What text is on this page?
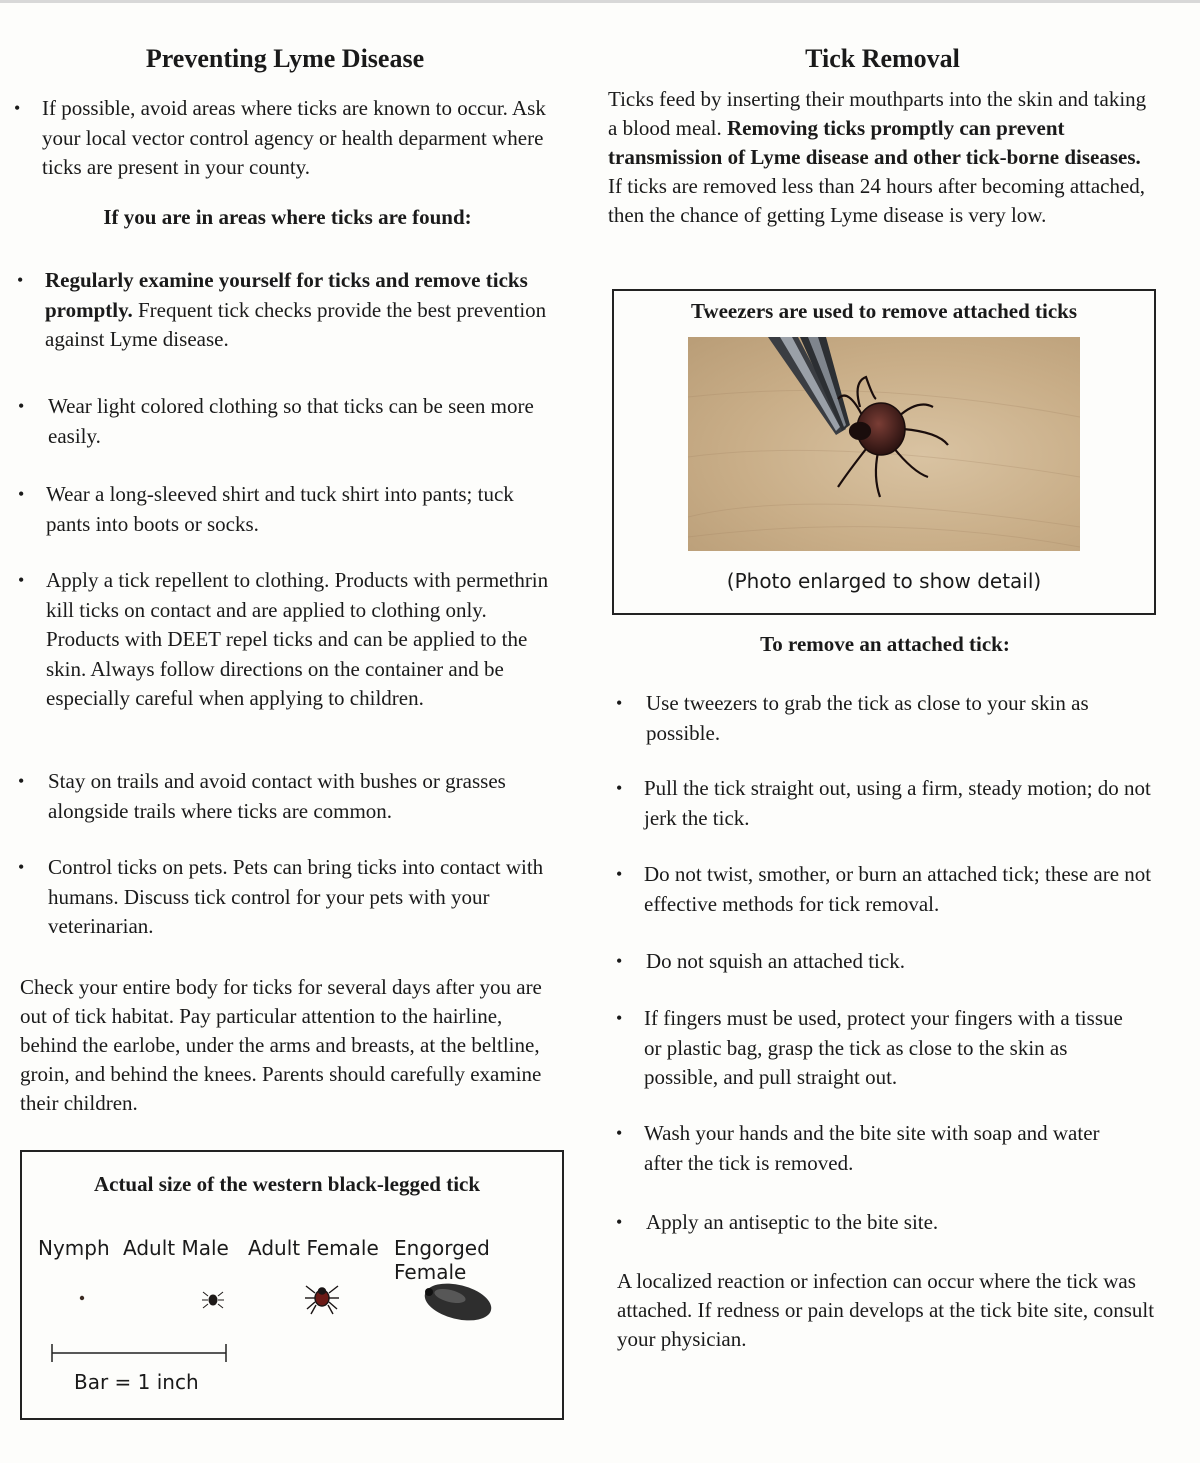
Preventing Lyme Disease
• If possible, avoid areas where ticks are known to occur. Ask your local vector control agency or health deparment where ticks are present in your county.

If you are in areas where ticks are found:

• Regularly examine yourself for ticks and remove ticks promptly. Frequent tick checks provide the best prevention against Lyme disease.
• Wear light colored clothing so that ticks can be seen more easily.
• Wear a long-sleeved shirt and tuck shirt into pants; tuck pants into boots or socks.
• Apply a tick repellent to clothing. Products with permethrin kill ticks on contact and are applied to clothing only. Products with DEET repel ticks and can be applied to the skin. Always follow directions on the container and be especially careful when applying to children.
• Stay on trails and avoid contact with bushes or grasses alongside trails where ticks are common.
• Control ticks on pets. Pets can bring ticks into contact with humans. Discuss tick control for your pets with your veterinarian.

Check your entire body for ticks for several days after you are out of tick habitat. Pay particular attention to the hairline, behind the earlobe, under the arms and breasts, at the beltline, groin, and behind the knees. Parents should carefully examine their children.

Actual size of the western black-legged tick

Nymph Adult Male Adult Female Engorged Female
Bar = 1 inch
Tick Removal

Ticks feed by inserting their mouthparts into the skin and taking a blood meal. Removing ticks promptly can prevent transmission of Lyme disease and other tick-borne diseases. If ticks are removed less than 24 hours after becoming attached, then the chance of getting Lyme disease is very low.

Tweezers are used to remove attached ticks

(Photo enlarged to show detail)

To remove an attached tick:

• Use tweezers to grab the tick as close to your skin as possible.
• Pull the tick straight out, using a firm, steady motion; do not jerk the tick.
• Do not twist, smother, or burn an attached tick; these are not effective methods for tick removal.
• Do not squish an attached tick.
• If fingers must be used, protect your fingers with a tissue or plastic bag, grasp the tick as close to the skin as possible, and pull straight out.
• Wash your hands and the bite site with soap and water after the tick is removed.
• Apply an antiseptic to the bite site.

A localized reaction or infection can occur where the tick was attached. If redness or pain develops at the tick bite site, consult your physician.
